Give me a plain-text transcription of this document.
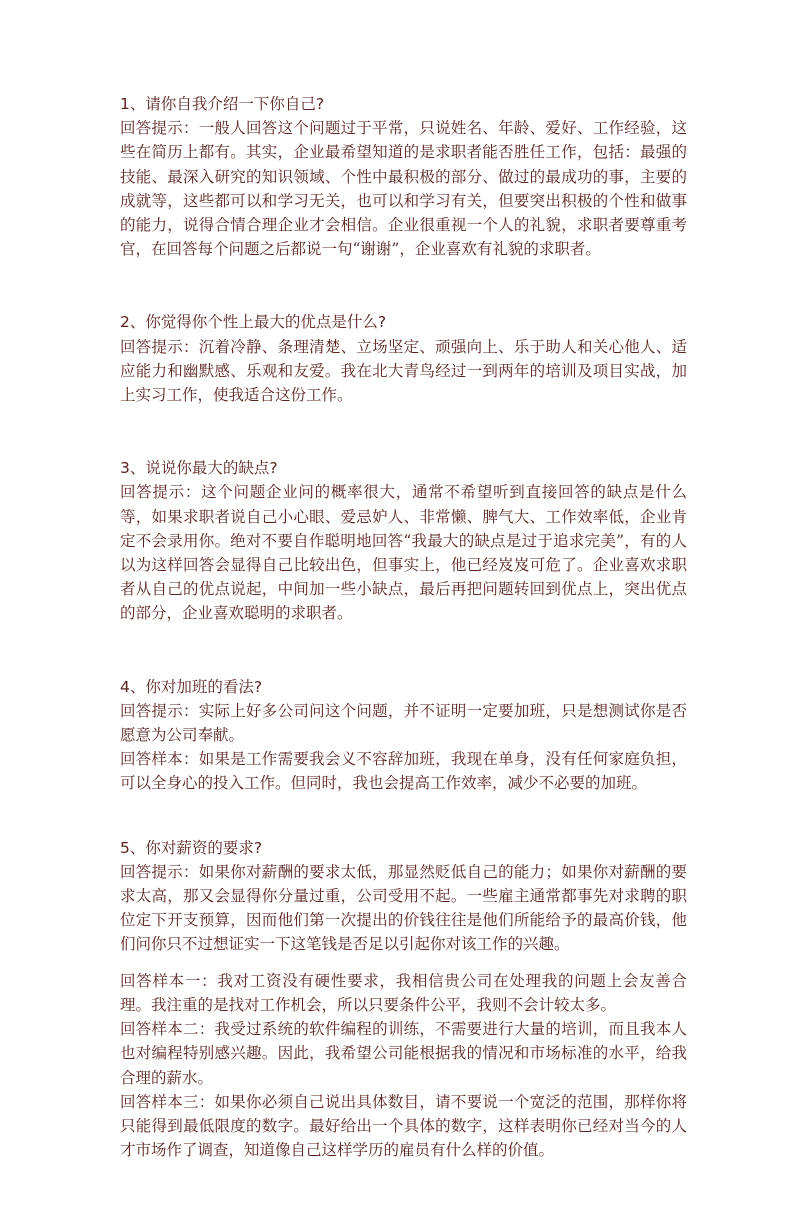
1、请你自我介绍一下你自己?

回答提示：一般人回答这个问题过于平常，只说姓名、年龄、爱好、工作经验，这些在简历上都有。其实，企业最希望知道的是求职者能否胜任工作，包括：最强的技能、最深入研究的知识领域、个性中最积极的部分、做过的最成功的事，主要的成就等，这些都可以和学习无关，也可以和学习有关，但要突出积极的个性和做事的能力，说得合情合理企业才会相信。企业很重视一个人的礼貌，求职者要尊重考官，在回答每个问题之后都说一句“谢谢”，企业喜欢有礼貌的求职者。

2、你觉得你个性上最大的优点是什么?

回答提示：沉着冷静、条理清楚、立场坚定、顽强向上、乐于助人和关心他人、适应能力和幽默感、乐观和友爱。我在北大青鸟经过一到两年的培训及项目实战，加上实习工作，使我适合这份工作。

3、说说你最大的缺点?

回答提示：这个问题企业问的概率很大，通常不希望听到直接回答的缺点是什么等，如果求职者说自己小心眼、爱忌妒人、非常懒、脾气大、工作效率低，企业肯定不会录用你。绝对不要自作聪明地回答“我最大的缺点是过于追求完美”，有的人以为这样回答会显得自己比较出色，但事实上，他已经岌岌可危了。企业喜欢求职者从自己的优点说起，中间加一些小缺点，最后再把问题转回到优点上，突出优点的部分，企业喜欢聪明的求职者。

4、你对加班的看法?

回答提示：实际上好多公司问这个问题，并不证明一定要加班，只是想测试你是否愿意为公司奉献。

回答样本：如果是工作需要我会义不容辞加班，我现在单身，没有任何家庭负担，可以全身心的投入工作。但同时，我也会提高工作效率，减少不必要的加班。

5、你对薪资的要求?

回答提示：如果你对薪酬的要求太低，那显然贬低自己的能力；如果你对薪酬的要求太高，那又会显得你分量过重，公司受用不起。一些雇主通常都事先对求聘的职位定下开支预算，因而他们第一次提出的价钱往往是他们所能给予的最高价钱，他们问你只不过想证实一下这笔钱是否足以引起你对该工作的兴趣。

回答样本一：我对工资没有硬性要求，我相信贵公司在处理我的问题上会友善合理。我注重的是找对工作机会，所以只要条件公平，我则不会计较太多。

回答样本二：我受过系统的软件编程的训练，不需要进行大量的培训，而且我本人也对编程特别感兴趣。因此，我希望公司能根据我的情况和市场标准的水平，给我合理的薪水。

回答样本三：如果你必须自己说出具体数目，请不要说一个宽泛的范围，那样你将只能得到最低限度的数字。最好给出一个具体的数字，这样表明你已经对当今的人才市场作了调查，知道像自己这样学历的雇员有什么样的价值。
